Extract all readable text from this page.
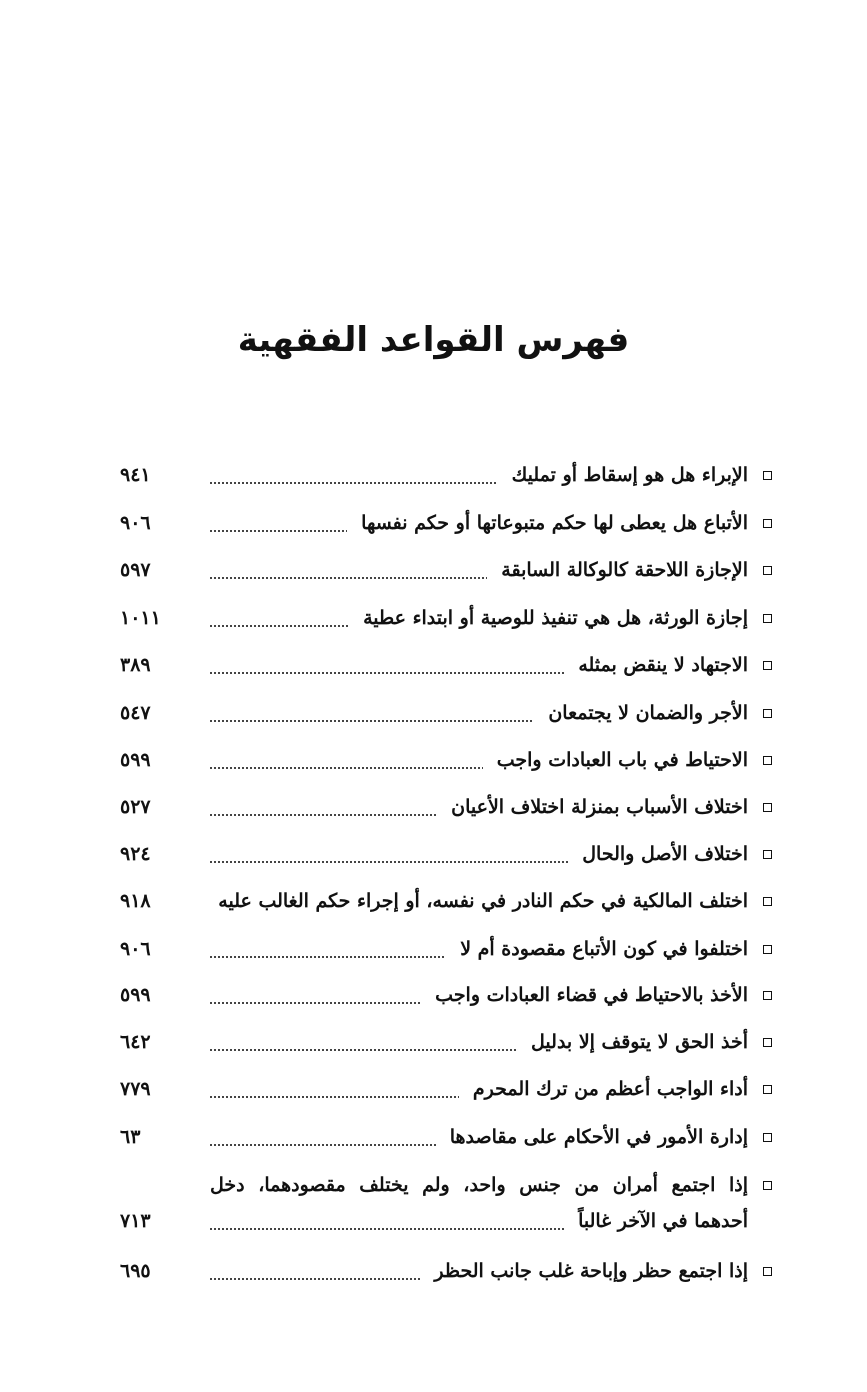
فهرس القواعد الفقهية
الإبراء هل هو إسقاط أو تمليك
٩٤١
الأتباع هل يعطى لها حكم متبوعاتها أو حكم نفسها
٩٠٦
الإجازة اللاحقة كالوكالة السابقة
٥٩٧
إجازة الورثة، هل هي تنفيذ للوصية أو ابتداء عطية
١٠١١
الاجتهاد لا ينقض بمثله
٣٨٩
الأجر والضمان لا يجتمعان
٥٤٧
الاحتياط في باب العبادات واجب
٥٩٩
اختلاف الأسباب بمنزلة اختلاف الأعيان
٥٢٧
اختلاف الأصل والحال
٩٢٤
اختلف المالكية في حكم النادر في نفسه، أو إجراء حكم الغالب عليه
٩١٨
اختلفوا في كون الأتباع مقصودة أم لا
٩٠٦
الأخذ بالاحتياط في قضاء العبادات واجب
٥٩٩
أخذ الحق لا يتوقف إلا بدليل
٦٤٢
أداء الواجب أعظم من ترك المحرم
٧٧٩
إدارة الأمور في الأحكام على مقاصدها
٦٣
إذا اجتمع أمران من جنس واحد، ولم يختلف مقصودهما، دخل
أحدهما في الآخر غالباً
٧١٣
إذا اجتمع حظر وإباحة غلب جانب الحظر
٦٩٥
